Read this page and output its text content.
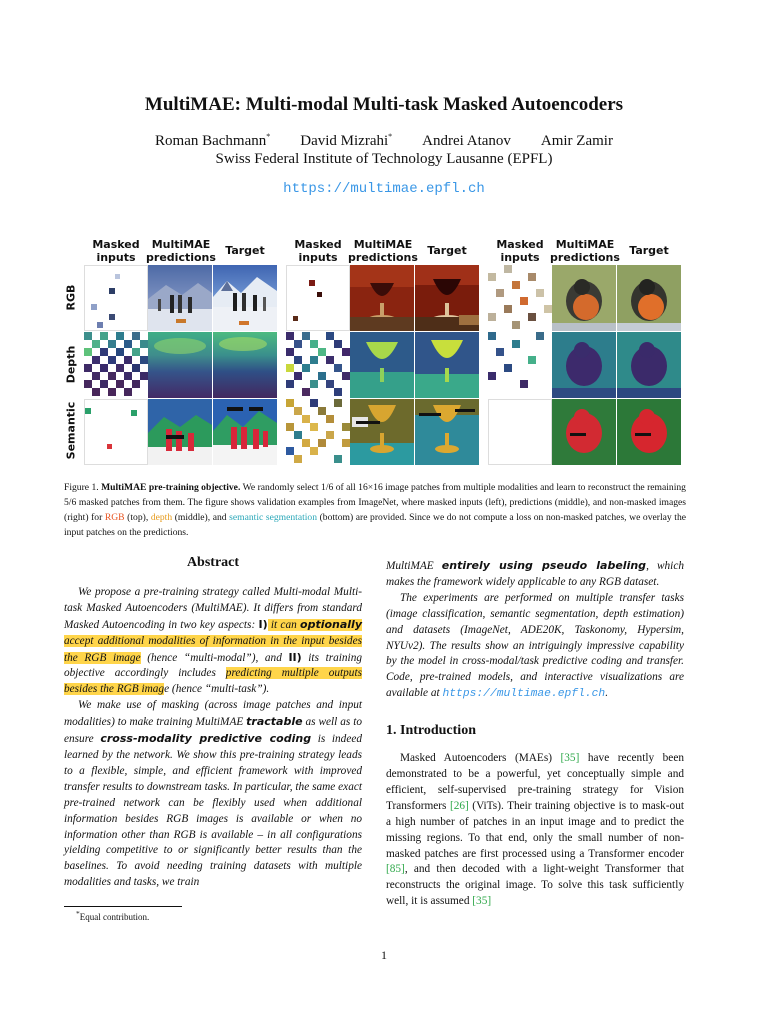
MultiMAE: Multi-modal Multi-task Masked Autoencoders
Roman Bachmann* David Mizrahi* Andrei Atanov Amir Zamir
Swiss Federal Institute of Technology Lausanne (EPFL)
https://multimae.epfl.ch
Masked
inputs
MultiMAE
predictions
Target	Masked
inputs
MultiMAE
predictions
Target	Masked
inputs
MultiMAE
predictions
Target
RGB
Depth
Semantic
Figure 1. MultiMAE pre-training objective. We randomly select 1/6 of all 16×16 image patches from multiple modalities and learn to reconstruct the remaining 5/6 masked patches from them. The figure shows validation examples from ImageNet, where masked inputs (left), predictions (middle), and non-masked images (right) for RGB (top), depth (middle), and semantic segmentation (bottom) are provided. Since we do not compute a loss on non-masked patches, we overlay the input patches on the predictions.
Abstract
We propose a pre-training strategy called Multi-modal Multi-task Masked Autoencoders (MultiMAE). It differs from standard Masked Autoencoding in two key aspects: I) it can optionally accept additional modalities of information in the input besides the RGB image (hence “multi-modal”), and II) its training objective accordingly includes predicting multiple outputs besides the RGB image (hence “multi-task”).
We make use of masking (across image patches and input modalities) to make training MultiMAE tractable as well as to ensure cross-modality predictive coding is indeed learned by the network. We show this pre-training strategy leads to a flexible, simple, and efficient framework with improved transfer results to downstream tasks. In particular, the same exact pre-trained network can be flexibly used when additional information besides RGB images is available or when no information other than RGB is available – in all configurations yielding competitive to or significantly better results than the baselines. To avoid needing training datasets with multiple modalities and tasks, we train
MultiMAE entirely using pseudo labeling, which makes the framework widely applicable to any RGB dataset.
The experiments are performed on multiple transfer tasks (image classification, semantic segmentation, depth estimation) and datasets (ImageNet, ADE20K, Taskonomy, Hypersim, NYUv2). The results show an intriguingly impressive capability by the model in cross-modal/task predictive coding and transfer. Code, pre-trained models, and interactive visualizations are available at https://multimae.epfl.ch.
1. Introduction
Masked Autoencoders (MAEs) [35] have recently been demonstrated to be a powerful, yet conceptually simple and efficient, self-supervised pre-training strategy for Vision Transformers [26] (ViTs). Their training objective is to mask-out a high number of patches in an input image and to predict the missing regions. To that end, only the small number of non-masked patches are first processed using a Transformer encoder [85], and then decoded with a light-weight Transformer that reconstructs the original image. To solve this task sufficiently well, it is assumed [35]
*Equal contribution.
1
